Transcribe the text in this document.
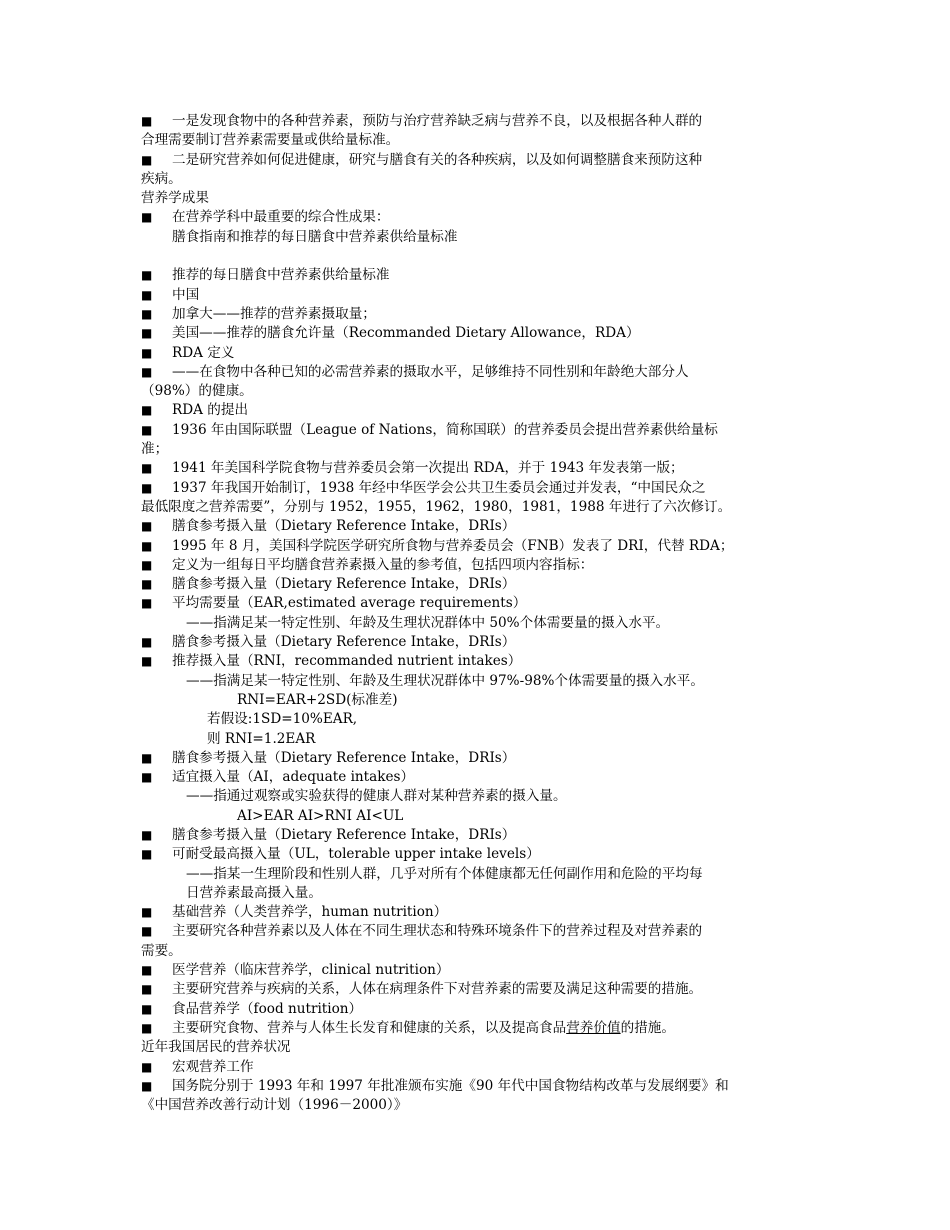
■ 一是发现食物中的各种营养素，预防与治疗营养缺乏病与营养不良，以及根据各种人群的
合理需要制订营养素需要量或供给量标准。
■ 二是研究营养如何促进健康，研究与膳食有关的各种疾病，以及如何调整膳食来预防这种
疾病。
营养学成果
■ 在营养学科中最重要的综合性成果：
膳食指南和推荐的每日膳食中营养素供给量标准
■ 推荐的每日膳食中营养素供给量标准
■ 中国
■ 加拿大——推荐的营养素摄取量；
■ 美国——推荐的膳食允许量（Recommanded Dietary Allowance，RDA）
■ RDA 定义
■ ——在食物中各种已知的必需营养素的摄取水平，足够维持不同性别和年龄绝大部分人
（98%）的健康。
■ RDA 的提出
■ 1936 年由国际联盟（League of Nations，简称国联）的营养委员会提出营养素供给量标
准；
■ 1941 年美国科学院食物与营养委员会第一次提出 RDA，并于 1943 年发表第一版；
■ 1937 年我国开始制订，1938 年经中华医学会公共卫生委员会通过并发表，“中国民众之
最低限度之营养需要”，分别与 1952，1955，1962，1980，1981，1988 年进行了六次修订。
■ 膳食参考摄入量（Dietary Reference Intake，DRIs）
■ 1995 年 8 月，美国科学院医学研究所食物与营养委员会（FNB）发表了 DRI，代替 RDA；
■ 定义为一组每日平均膳食营养素摄入量的参考值，包括四项内容指标：
■ 膳食参考摄入量（Dietary Reference Intake，DRIs）
■ 平均需要量（EAR,estimated average requirements）
——指满足某一特定性别、年龄及生理状况群体中 50%个体需要量的摄入水平。
■ 膳食参考摄入量（Dietary Reference Intake，DRIs）
■ 推荐摄入量（RNI，recommanded nutrient intakes）
——指满足某一特定性别、年龄及生理状况群体中 97%-98%个体需要量的摄入水平。
RNI=EAR+2SD(标准差)
若假设:1SD=10%EAR,
则 RNI=1.2EAR
■ 膳食参考摄入量（Dietary Reference Intake，DRIs）
■ 适宜摄入量（AI，adequate intakes）
——指通过观察或实验获得的健康人群对某种营养素的摄入量。
AI>EAR AI>RNI AI<UL
■ 膳食参考摄入量（Dietary Reference Intake，DRIs）
■ 可耐受最高摄入量（UL，tolerable upper intake levels）
——指某一生理阶段和性别人群，几乎对所有个体健康都无任何副作用和危险的平均每
日营养素最高摄入量。
■ 基础营养（人类营养学，human nutrition）
■ 主要研究各种营养素以及人体在不同生理状态和特殊环境条件下的营养过程及对营养素的
需要。
■ 医学营养（临床营养学，clinical nutrition）
■ 主要研究营养与疾病的关系，人体在病理条件下对营养素的需要及满足这种需要的措施。
■ 食品营养学（food nutrition）
■ 主要研究食物、营养与人体生长发育和健康的关系，以及提高食品营养价值的措施。
近年我国居民的营养状况
■ 宏观营养工作
■ 国务院分别于 1993 年和 1997 年批准颁布实施《90 年代中国食物结构改革与发展纲要》和
《中国营养改善行动计划（1996－2000）》
